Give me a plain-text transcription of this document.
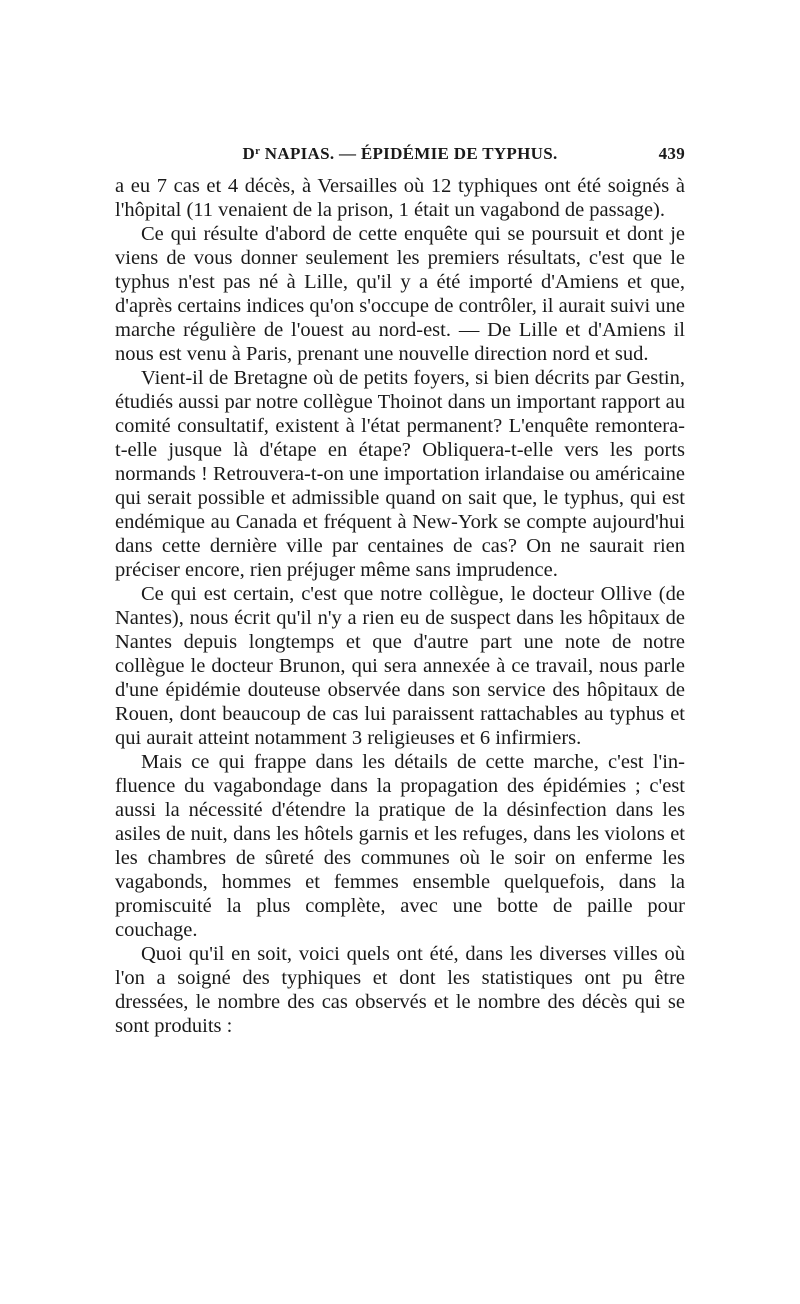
$D^r$ NAPIAS. — ÉPIDÉMIE DE TYPHUS.	439

a eu 7 cas et 4 décès, à Versailles où 12 typhiques ont été soignés à l'hôpital (11 venaient de la prison, 1 était un vagabond de passage).

Ce qui résulte d'abord de cette enquête qui se poursuit et dont je viens de vous donner seulement les premiers résultats, c'est que le typhus n'est pas né à Lille, qu'il y a été importé d'Amiens et que, d'après certains indices qu'on s'occupe de contrôler, il aurait suivi une marche régulière de l'ouest au nord-est. — De Lille et d'Amiens il nous est venu à Paris, prenant une nouvelle direction nord et sud.

Vient-il de Bretagne où de petits foyers, si bien décrits par Gestin, étudiés aussi par notre collègue Thoinot dans un important rapport au comité consultatif, existent à l'état permanent? L'enquête remontera-t-elle jusque là d'étape en étape? Obliquera-t-elle vers les ports normands ! Retrouvera-t-on une importation irlandaise ou américaine qui serait possible et admissible quand on sait que, le typhus, qui est endémique au Canada et fréquent à New-York se compte aujourd'hui dans cette dernière ville par centaines de cas? On ne saurait rien préciser encore, rien préjuger même sans imprudence.

Ce qui est certain, c'est que notre collègue, le docteur Ollive (de Nantes), nous écrit qu'il n'y a rien eu de suspect dans les hôpitaux de Nantes depuis longtemps et que d'autre part une note de notre collègue le docteur Brunon, qui sera annexée à ce travail, nous parle d'une épidémie douteuse observée dans son service des hôpitaux de Rouen, dont beaucoup de cas lui paraissent rattachables au typhus et qui aurait atteint notamment 3 religieuses et 6 infirmiers.

Mais ce qui frappe dans les détails de cette marche, c'est l'influence du vagabondage dans la propagation des épidémies ; c'est aussi la nécessité d'étendre la pratique de la désinfection dans les asiles de nuit, dans les hôtels garnis et les refuges, dans les violons et les chambres de sûreté des communes où le soir on enferme les vagabonds, hommes et femmes ensemble quelquefois, dans la promiscuité la plus complète, avec une botte de paille pour couchage.

Quoi qu'il en soit, voici quels ont été, dans les diverses villes où l'on a soigné des typhiques et dont les statistiques ont pu être dressées, le nombre des cas observés et le nombre des décès qui se sont produits :
